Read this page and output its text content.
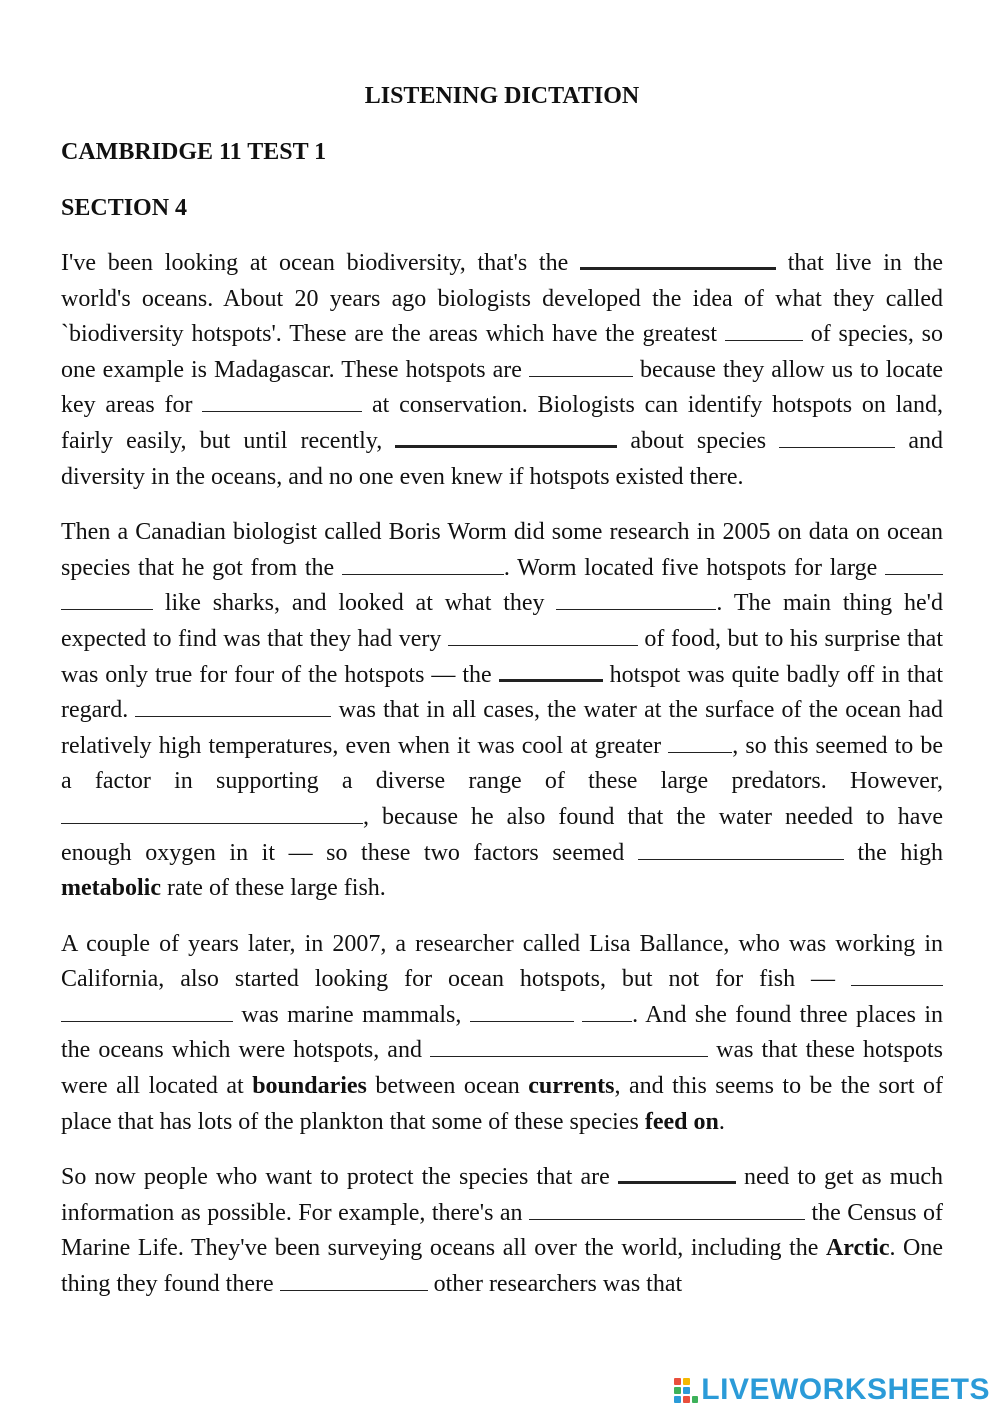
LISTENING DICTATION
CAMBRIDGE 11 TEST 1
SECTION 4

I've been looking at ocean biodiversity, that's the	that live in the world's oceans. About 20 years ago biologists developed the idea of what they called `biodiversity hotspots'. These are the areas which have the greatest	of species, so one example is Madagascar. These hotspots are	because they allow us to locate key areas for	at conservation. Biologists can identify hotspots on land, fairly easily, but until recently,	about species	and diversity in the oceans, and no one even knew if hotspots existed there.

Then a Canadian biologist called Boris Worm did some research in 2005 on data on ocean species that he got from the	. Worm located five hotspots for large   like sharks, and looked at what they	. The main thing he'd expected to find was that they had very	of food, but to his surprise that was only true for four of the hotspots — the	hotspot was quite badly off in that regard.	was that in all cases, the water at the surface of the ocean had relatively high temperatures, even when it was cool at greater	, so this seemed to be a factor in supporting a diverse range of these large predators. However, , because he also found that the water needed to have enough oxygen in it — so these two factors seemed	the high metabolic rate of these large fish.

A couple of years later, in 2007, a researcher called Lisa Ballance, who was working in California, also started looking for ocean hotspots, but not for fish —   was marine mammals,	. And she found three places in the oceans which were hotspots, and	was that these hotspots were all located at boundaries between ocean currents, and this seems to be the sort of place that has lots of the plankton that some of these species feed on.

So now people who want to protect the species that are	need to get as much information as possible. For example, there's an	the Census of Marine Life. They've been surveying oceans all over the world, including the Arctic. One thing they found there	other researchers was that

LIVEWORKSHEETS
